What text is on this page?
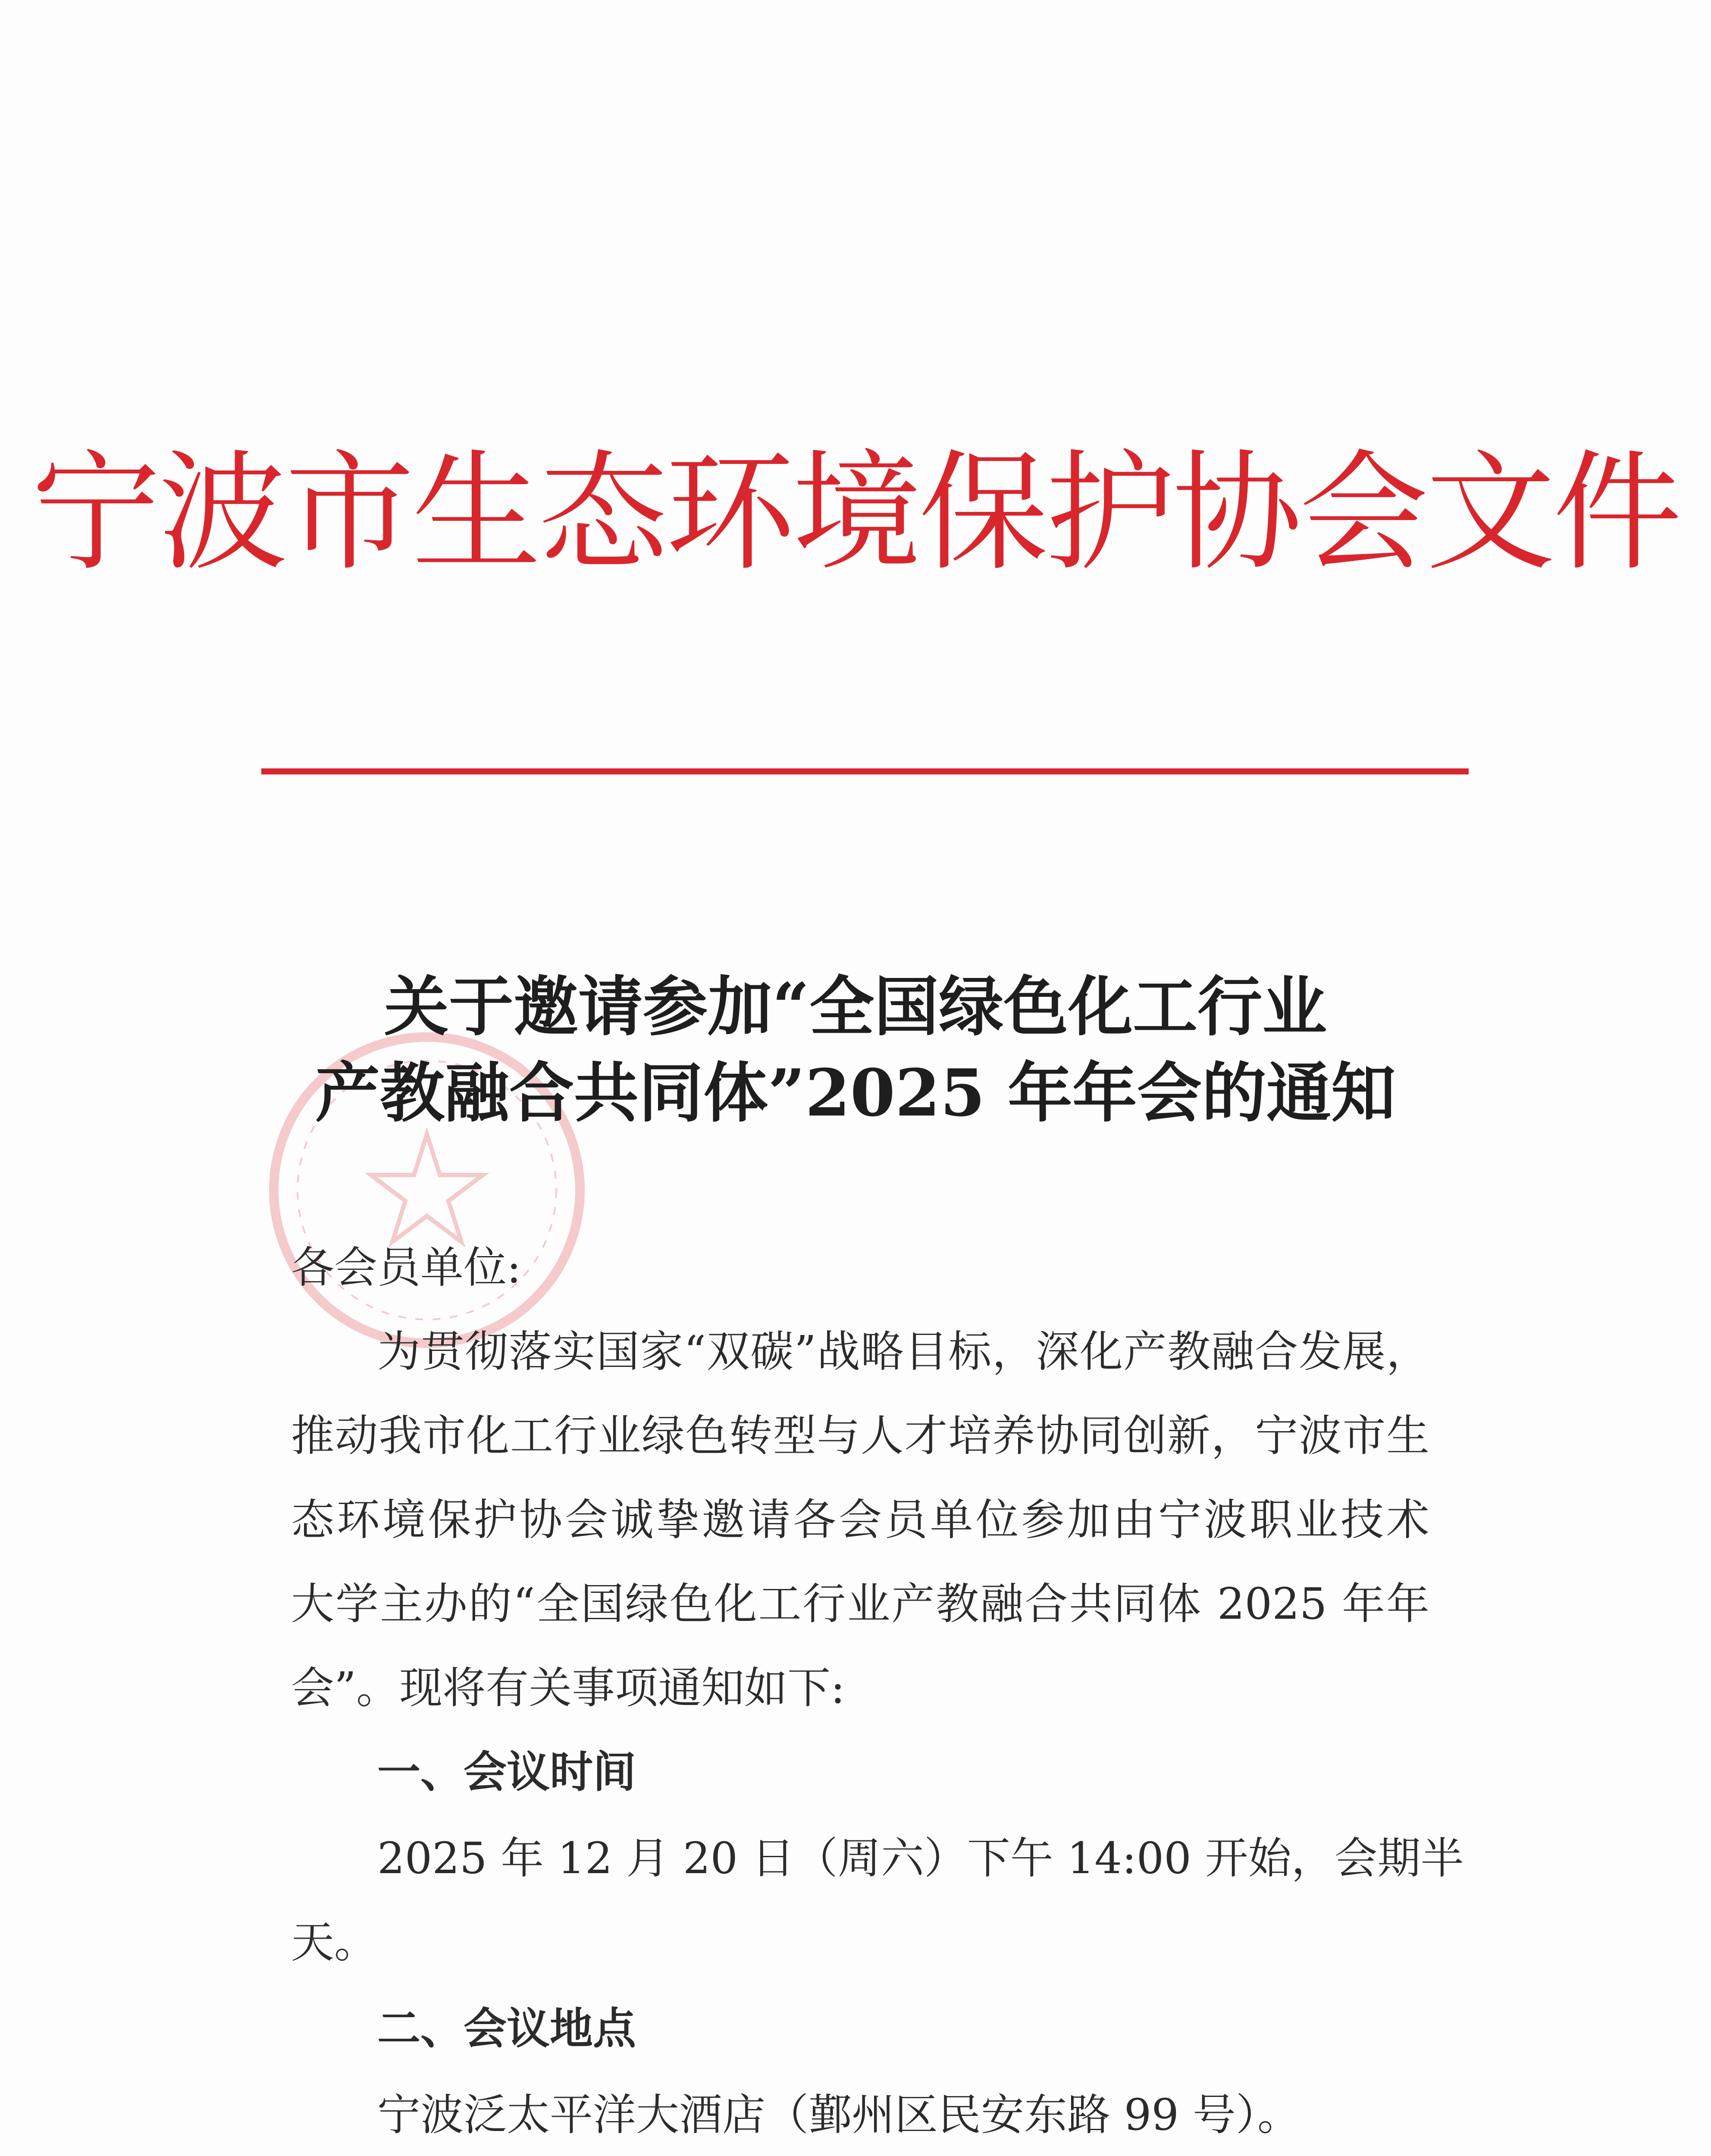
宁波市生态环境保护协会文件
关于邀请参加“全国绿色化工行业
产教融合共同体”2025 年年会的通知
各会员单位:
为贯彻落实国家“双碳”战略目标，深化产教融合发展，
推动我市化工行业绿色转型与人才培养协同创新，宁波市生
态环境保护协会诚挚邀请各会员单位参加由宁波职业技术
大学主办的“全国绿色化工行业产教融合共同体 2025 年年
会”。现将有关事项通知如下:
一、会议时间
2025 年 12 月 20 日（周六）下午 14:00 开始，会期半
天。
二、会议地点
宁波泛太平洋大酒店（鄞州区民安东路 99 号）。
